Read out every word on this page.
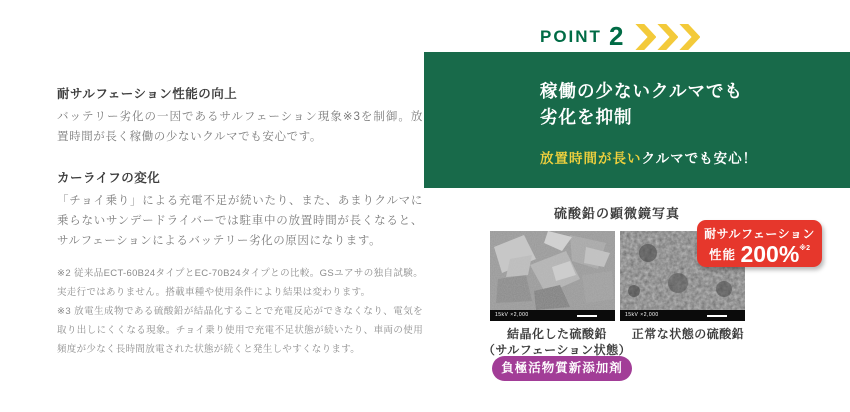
耐サルフェーション性能の向上

バッテリー劣化の一因であるサルフェーション現象※3を制御。放置時間が長く稼働の少ないクルマでも安心です。

カーライフの変化

「チョイ乗り」による充電不足が続いたり、また、あまりクルマに乗らないサンデードライバーでは駐車中の放置時間が長くなると、サルフェーションによるバッテリー劣化の原因になります。

※2 従来品ECT-60B24タイプとEC-70B24タイプとの比較。GSユアサの独自試験。実走行ではありません。搭載車種や使用条件により結果は変わります。

※3 放電生成物である硫酸鉛が結晶化することで充電反応ができなくなり、電気を取り出しにくくなる現象。チョイ乗り使用で充電不足状態が続いたり、車両の使用頻度が少なく長時間放電された状態が続くと発生しやすくなります。

POINT 2
稼働の少ないクルマでも
劣化を抑制
放置時間が長いクルマでも安心！
硫酸鉛の顕微鏡写真
15kV ×2,000	15kV ×2,000
耐サルフェーション
性能 200%$^{※2}$
結晶化した硫酸鉛
（サルフェーション状態）
正常な状態の硫酸鉛
負極活物質新添加剤
